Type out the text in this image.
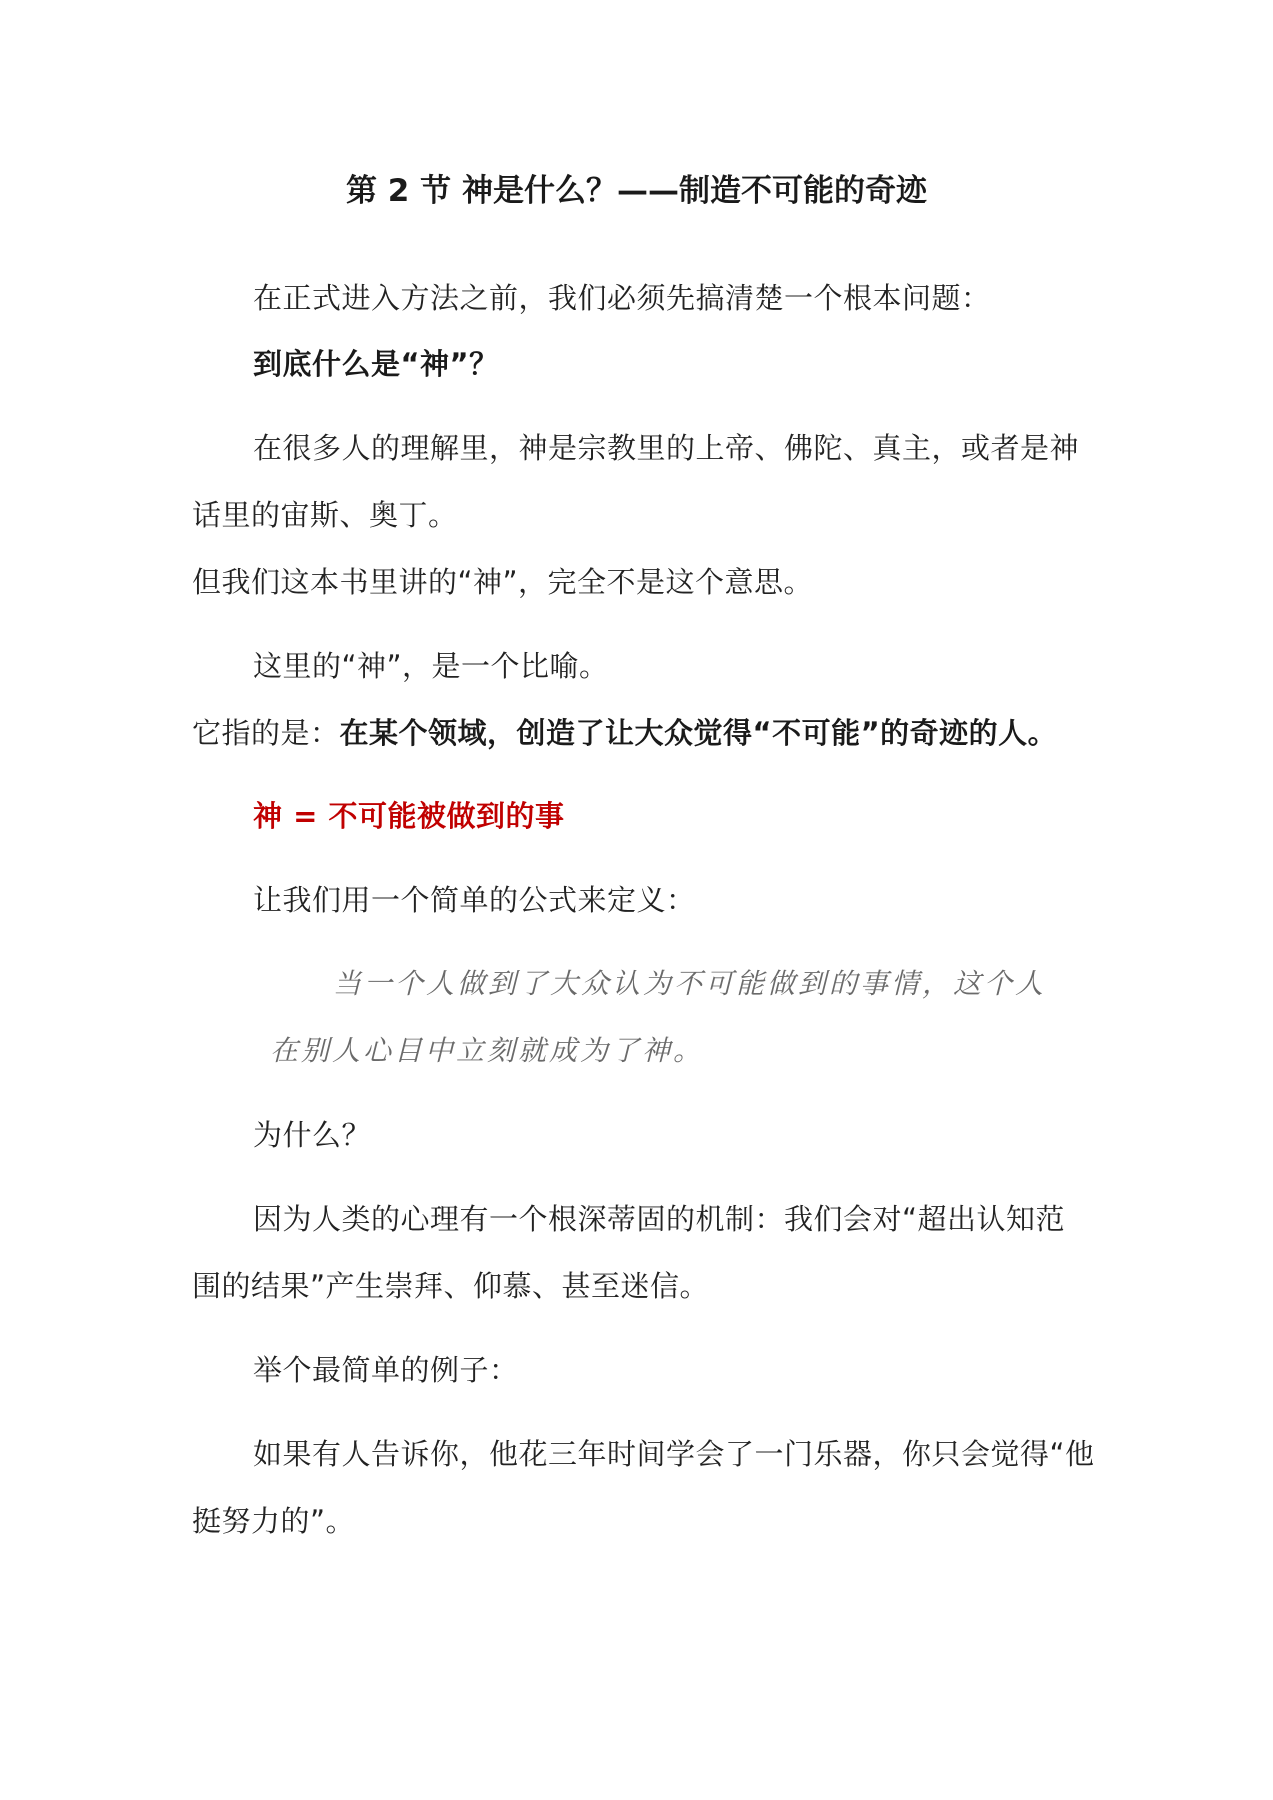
第 2 节 神是什么？——制造不可能的奇迹
在正式进入方法之前，我们必须先搞清楚一个根本问题：
到底什么是“神”？
在很多人的理解里，神是宗教里的上帝、佛陀、真主，或者是神
话里的宙斯、奥丁。
但我们这本书里讲的“神”，完全不是这个意思。
这里的“神”，是一个比喻。
它指的是：在某个领域，创造了让大众觉得“不可能”的奇迹的人。
神 = 不可能被做到的事
让我们用一个简单的公式来定义：
当一个人做到了大众认为不可能做到的事情，这个人
在别人心目中立刻就成为了神。
为什么？
因为人类的心理有一个根深蒂固的机制：我们会对“超出认知范
围的结果”产生崇拜、仰慕、甚至迷信。
举个最简单的例子：
如果有人告诉你，他花三年时间学会了一门乐器，你只会觉得“他
挺努力的”。
